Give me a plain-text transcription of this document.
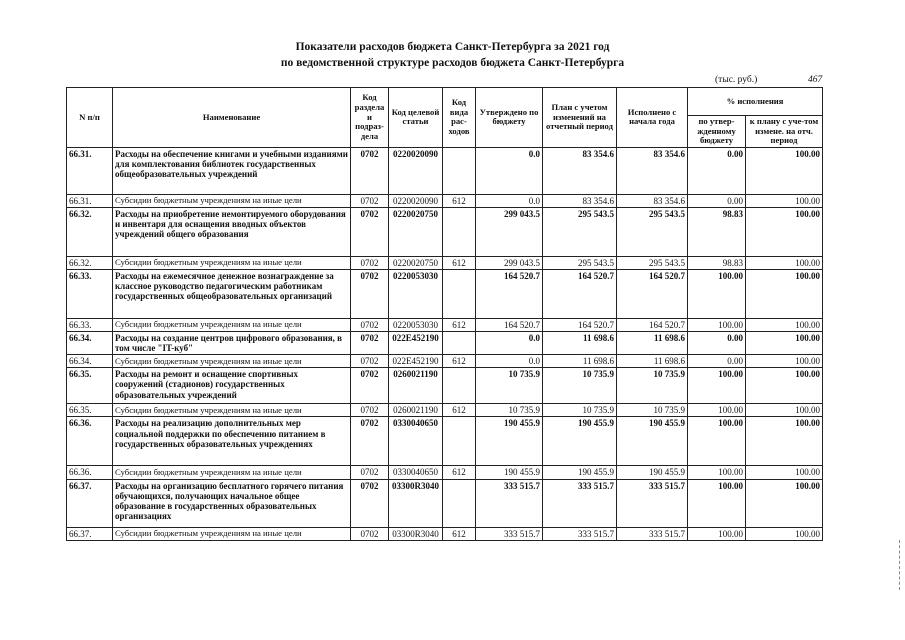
Показатели расходов бюджета Санкт-Петербурга за 2021 год
по ведомственной структуре расходов бюджета Санкт-Петербурга
(тыс. руб.)	467
N п/п	Наименование	Код раздела и подраз-дела	Код целевой статьи	Код вида рас-ходов	Утверждено по бюджету	План с учетом изменений на отчетный период	Исполнено с начала года	% исполнения	
								по утвер-жденному бюджету	к плану с уче-том измене. на отч. период
66.31.	Расходы на обеспечение книгами и учебными изданиями для комплектования библиотек государственных общеобразовательных учреждений	0702	0220020090		0.0	83 354.6	83 354.6	0.00	100.00
66.31.	Субсидии бюджетным учреждениям на иные цели	0702	0220020090	612	0.0	83 354.6	83 354.6	0.00	100.00
66.32.	Расходы на приобретение немонтируемого оборудования и инвентаря для оснащения вводных объектов учреждений общего образования	0702	0220020750		299 043.5	295 543.5	295 543.5	98.83	100.00
66.32.	Субсидии бюджетным учреждениям на иные цели	0702	0220020750	612	299 043.5	295 543.5	295 543.5	98.83	100.00
66.33.	Расходы на ежемесячное денежное вознаграждение за классное руководство педагогическим работникам государственных общеобразовательных организаций	0702	0220053030		164 520.7	164 520.7	164 520.7	100.00	100.00
66.33.	Субсидии бюджетным учреждениям на иные цели	0702	0220053030	612	164 520.7	164 520.7	164 520.7	100.00	100.00
66.34.	Расходы на создание центров цифрового образования, в том числе "IT-куб"	0702	022E452190		0.0	11 698.6	11 698.6	0.00	100.00
66.34.	Субсидии бюджетным учреждениям на иные цели	0702	022E452190	612	0.0	11 698.6	11 698.6	0.00	100.00
66.35.	Расходы на ремонт и оснащение спортивных сооружений (стадионов) государственных образовательных учреждений	0702	0260021190		10 735.9	10 735.9	10 735.9	100.00	100.00
66.35.	Субсидии бюджетным учреждениям на иные цели	0702	0260021190	612	10 735.9	10 735.9	10 735.9	100.00	100.00
66.36.	Расходы на реализацию дополнительных мер социальной поддержки по обеспечению питанием в государственных образовательных учреждениях	0702	0330040650		190 455.9	190 455.9	190 455.9	100.00	100.00
66.36.	Субсидии бюджетным учреждениям на иные цели	0702	0330040650	612	190 455.9	190 455.9	190 455.9	100.00	100.00
66.37.	Расходы на организацию бесплатного горячего питания обучающихся, получающих начальное общее образование в государственных образовательных организациях	0702	03300R3040		333 515.7	333 515.7	333 515.7	100.00	100.00
66.37.	Субсидии бюджетным учреждениям на иные цели	0702	03300R3040	612	333 515.7	333 515.7	333 515.7	100.00	100.00
